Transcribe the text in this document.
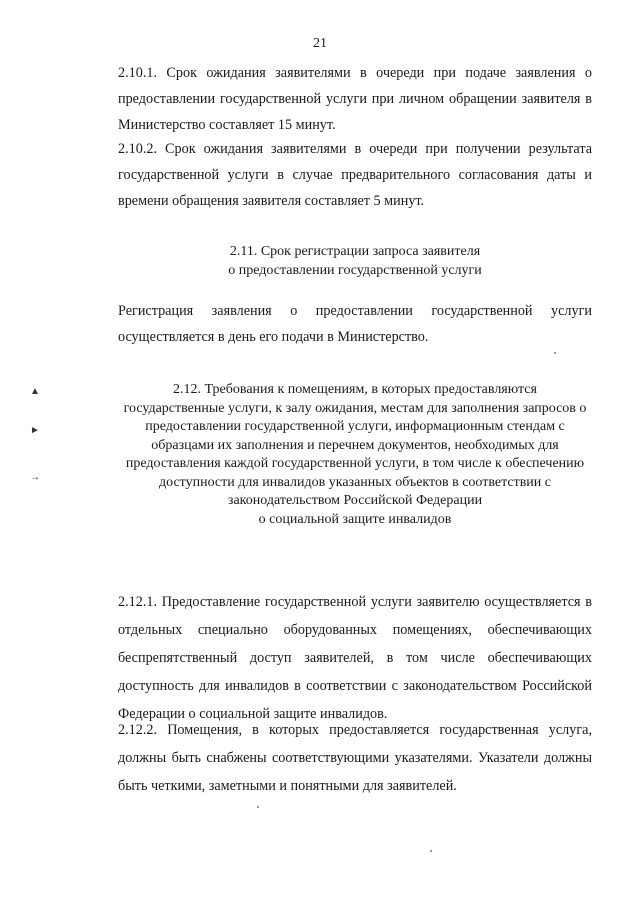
21
2.10.1. Срок ожидания заявителями в очереди при подаче заявления о предоставлении государственной услуги при личном обращении заявителя в Министерство составляет 15 минут.
2.10.2. Срок ожидания заявителями в очереди при получении результата государственной услуги в случае предварительного согласования даты и времени обращения заявителя составляет 5 минут.
2.11. Срок регистрации запроса заявителя
о предоставлении государственной услуги
Регистрация заявления о предоставлении государственной услуги осуществляется в день его подачи в Министерство.
2.12. Требования к помещениям, в которых предоставляются
государственные услуги, к залу ожидания, местам для заполнения запросов о
предоставлении государственной услуги, информационным стендам с
образцами их заполнения и перечнем документов, необходимых для
предоставления каждой государственной услуги, в том числе к обеспечению
доступности для инвалидов указанных объектов в соответствии с
законодательством Российской Федерации
о социальной защите инвалидов
2.12.1. Предоставление государственной услуги заявителю осуществляется в отдельных специально оборудованных помещениях, обеспечивающих беспрепятственный доступ заявителей, в том числе обеспечивающих доступность для инвалидов в соответствии с законодательством Российской Федерации о социальной защите инвалидов.
2.12.2. Помещения, в которых предоставляется государственная услуга, должны быть снабжены соответствующими указателями. Указатели должны быть четкими, заметными и понятными для заявителей.
▲
►
→
